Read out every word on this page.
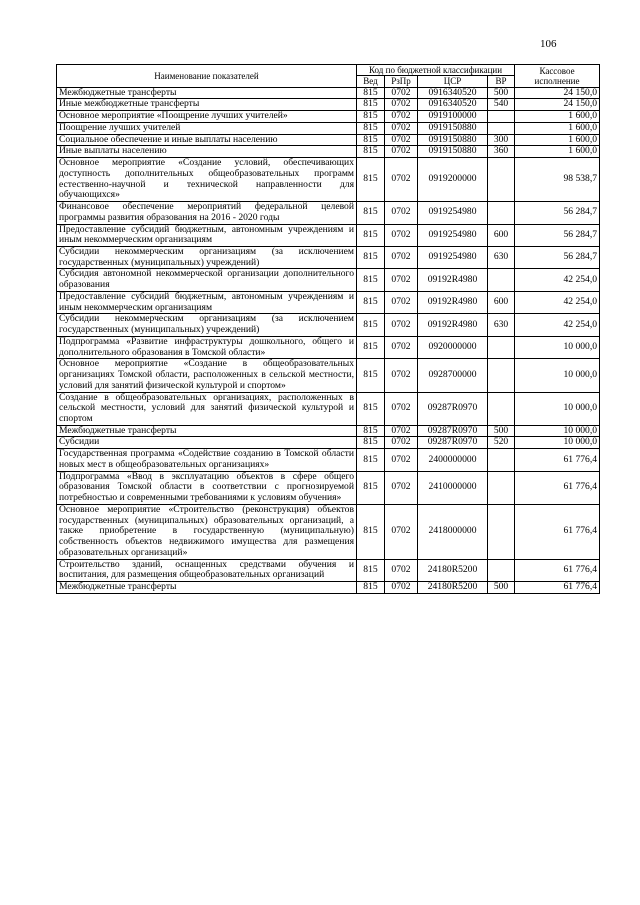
106
Наименование показателей	Код по бюджетной классификации				Кассовое исполнение
	Вед	РзПр	ЦСР	ВР	
Межбюджетные трансферты	815	0702	0916340520	500	24 150,0
Иные межбюджетные трансферты	815	0702	0916340520	540	24 150,0
Основное мероприятие «Поощрение лучших учителей»	815	0702	0919100000		1 600,0
Поощрение лучших учителей	815	0702	0919150880		1 600,0
Социальное обеспечение и иные выплаты населению	815	0702	0919150880	300	1 600,0
Иные выплаты населению	815	0702	0919150880	360	1 600,0
Основное мероприятие «Создание условий, обеспечивающих доступность дополнительных общеобразовательных программ естественно-научной и технической направленности для обучающихся»	815	0702	0919200000		98 538,7
Финансовое обеспечение мероприятий федеральной целевой программы развития образования на 2016 - 2020 годы	815	0702	0919254980		56 284,7
Предоставление субсидий бюджетным, автономным учреждениям и иным некоммерческим организациям	815	0702	0919254980	600	56 284,7
Субсидии некоммерческим организациям (за исключением государственных (муниципальных) учреждений)	815	0702	0919254980	630	56 284,7
Субсидия автономной некоммерческой организации дополнительного образования	815	0702	09192R4980		42 254,0
Предоставление субсидий бюджетным, автономным учреждениям и иным некоммерческим организациям	815	0702	09192R4980	600	42 254,0
Субсидии некоммерческим организациям (за исключением государственных (муниципальных) учреждений)	815	0702	09192R4980	630	42 254,0
Подпрограмма «Развитие инфраструктуры дошкольного, общего и дополнительного образования в Томской области»	815	0702	0920000000		10 000,0
Основное мероприятие «Создание в общеобразовательных организациях Томской области, расположенных в сельской местности, условий для занятий физической культурой и спортом»	815	0702	0928700000		10 000,0
Создание в общеобразовательных организациях, расположенных в сельской местности, условий для занятий физической культурой и спортом	815	0702	09287R0970		10 000,0
Межбюджетные трансферты	815	0702	09287R0970	500	10 000,0
Субсидии	815	0702	09287R0970	520	10 000,0
Государственная программа «Содействие созданию в Томской области новых мест в общеобразовательных организациях»	815	0702	2400000000		61 776,4
Подпрограмма «Ввод в эксплуатацию объектов в сфере общего образования Томской области в соответствии с прогнозируемой потребностью и современными требованиями к условиям обучения»	815	0702	2410000000		61 776,4
Основное мероприятие «Строительство (реконструкция) объектов государственных (муниципальных) образовательных организаций, а также приобретение в государственную (муниципальную) собственность объектов недвижимого имущества для размещения образовательных организаций»	815	0702	2418000000		61 776,4
Строительство зданий, оснащенных средствами обучения и воспитания, для размещения общеобразовательных организаций	815	0702	24180R5200		61 776,4
Межбюджетные трансферты	815	0702	24180R5200	500	61 776,4
